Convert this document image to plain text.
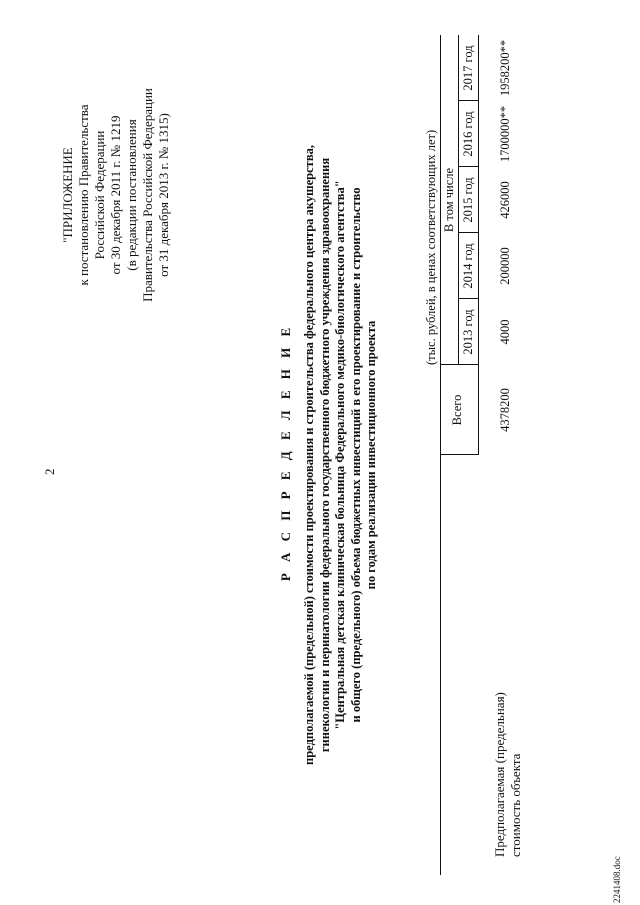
2
"ПРИЛОЖЕНИЕ к постановлению Правительства Российской Федерации от 30 декабря 2011 г. № 1219 (в редакции постановления Правительства Российской Федерации от 31 декабря 2013 г. № 1315)
Р А С П Р Е Д Е Л Е Н И Е предполагаемой (предельной) стоимости проектирования и строительства федерального центра акушерства, гинекологии и перинатологии федерального государственного бюджетного учреждения здравоохранения "Центральная детская клиническая больница Федерального медико-биологического агентства" и общего (предельного) объема бюджетных инвестиций в его проектирование и строительство по годам реализации инвестиционного проекта
(тыс. рублей, в ценах соответствующих лет)
Всего
В том числе
2013 год
2014 год
2015 год
2016 год
2017 год
4378200
4000
200000
426000
1700000**
1958200**
Предполагаемая (предельная) стоимость объекта
2241408.doc
